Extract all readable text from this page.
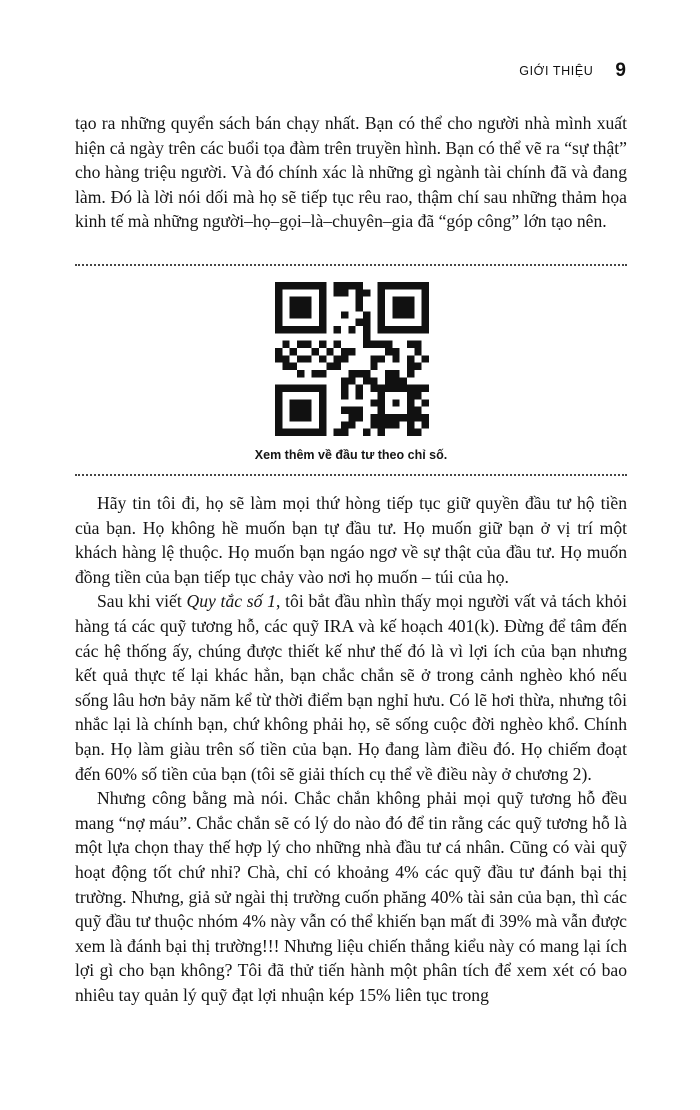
GIỚI THIỆU 9

tạo ra những quyển sách bán chạy nhất. Bạn có thể cho người nhà mình xuất hiện cả ngày trên các buổi tọa đàm trên truyền hình. Bạn có thể vẽ ra “sự thật” cho hàng triệu người. Và đó chính xác là những gì ngành tài chính đã và đang làm. Đó là lời nói dối mà họ sẽ tiếp tục rêu rao, thậm chí sau những thảm họa kinh tế mà những người–họ–gọi–là–chuyên–gia đã “góp công” lớn tạo nên.

Xem thêm về đầu tư theo chỉ số.

Hãy tin tôi đi, họ sẽ làm mọi thứ hòng tiếp tục giữ quyền đầu tư hộ tiền của bạn. Họ không hề muốn bạn tự đầu tư. Họ muốn giữ bạn ở vị trí một khách hàng lệ thuộc. Họ muốn bạn ngáo ngơ về sự thật của đầu tư. Họ muốn đồng tiền của bạn tiếp tục chảy vào nơi họ muốn – túi của họ.

Sau khi viết Quy tắc số 1, tôi bắt đầu nhìn thấy mọi người vất vả tách khỏi hàng tá các quỹ tương hỗ, các quỹ IRA và kế hoạch 401(k). Đừng để tâm đến các hệ thống ấy, chúng được thiết kế như thế đó là vì lợi ích của bạn nhưng kết quả thực tế lại khác hẳn, bạn chắc chắn sẽ ở trong cảnh nghèo khó nếu sống lâu hơn bảy năm kể từ thời điểm bạn nghỉ hưu. Có lẽ hơi thừa, nhưng tôi nhắc lại là chính bạn, chứ không phải họ, sẽ sống cuộc đời nghèo khổ. Chính bạn. Họ làm giàu trên số tiền của bạn. Họ đang làm điều đó. Họ chiếm đoạt đến 60% số tiền của bạn (tôi sẽ giải thích cụ thể về điều này ở chương 2).

Nhưng công bằng mà nói. Chắc chắn không phải mọi quỹ tương hỗ đều mang “nợ máu”. Chắc chắn sẽ có lý do nào đó để tin rằng các quỹ tương hỗ là một lựa chọn thay thế hợp lý cho những nhà đầu tư cá nhân. Cũng có vài quỹ hoạt động tốt chứ nhỉ? Chà, chỉ có khoảng 4% các quỹ đầu tư đánh bại thị trường. Nhưng, giả sử ngài thị trường cuốn phăng 40% tài sản của bạn, thì các quỹ đầu tư thuộc nhóm 4% này vẫn có thể khiến bạn mất đi 39% mà vẫn được xem là đánh bại thị trường!!! Nhưng liệu chiến thắng kiểu này có mang lại ích lợi gì cho bạn không? Tôi đã thử tiến hành một phân tích để xem xét có bao nhiêu tay quản lý quỹ đạt lợi nhuận kép 15% liên tục trong
